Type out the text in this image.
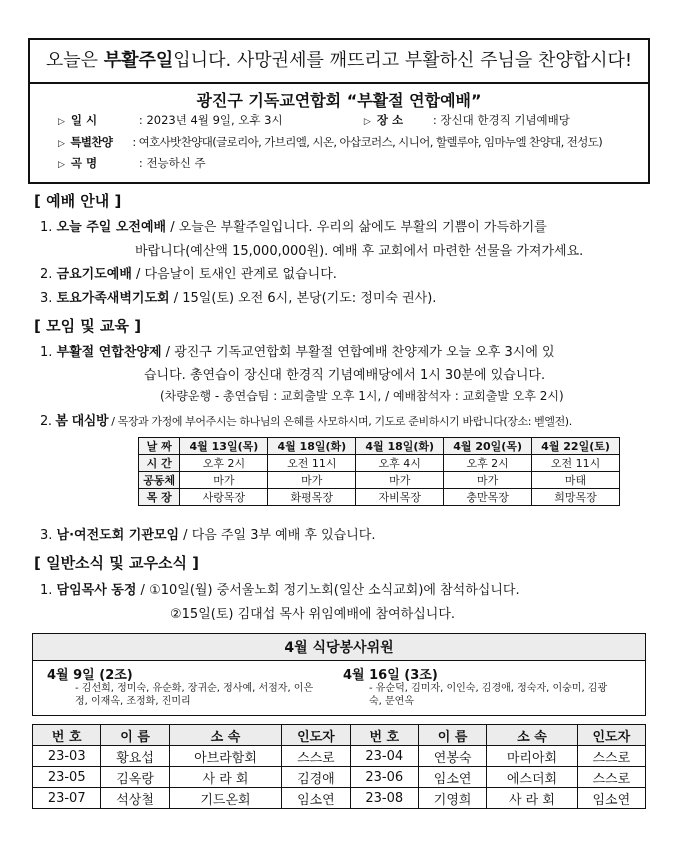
오늘은 부활주일입니다. 사망권세를 깨뜨리고 부활하신 주님을 찬양합시다!
광진구 기독교연합회 “부활절 연합예배”
▷ 일 시	: 2023년 4월 9일, 오후 3시	▷ 장 소	: 장신대 한경직 기념예배당
▷ 특별찬양 : 여호사밧찬양대(글로리아, 가브리엘, 시온, 아삽코러스, 시니어, 할렐루야, 임마누엘 찬양대, 전성도)
▷ 곡 명	: 전능하신 주
[ 예배 안내 ]
1. 오늘 주일 오전예배 / 오늘은 부활주일입니다. 우리의 삶에도 부활의 기쁨이 가득하기를
바랍니다(예산액 15,000,000원). 예배 후 교회에서 마련한 선물을 가져가세요.
2. 금요기도예배 / 다음날이 토새인 관계로 없습니다.
3. 토요가족새벽기도회 / 15일(토) 오전 6시, 본당(기도: 정미숙 권사).
[ 모임 및 교육 ]
1. 부활절 연합찬양제 / 광진구 기독교연합회 부활절 연합예배 찬양제가 오늘 오후 3시에 있
습니다. 총연습이 장신대 한경직 기념예배당에서 1시 30분에 있습니다.
(차량운행 - 총연습팀 : 교회출발 오후 1시, / 예배참석자 : 교회출발 오후 2시)
2. 봄 대심방 / 목장과 가정에 부어주시는 하나님의 은혜를 사모하시며, 기도로 준비하시기 바랍니다(장소: 벧엘전).
날 짜	4월 13일(목)	4월 18일(화)	4월 18일(화)	4월 20일(목)	4월 22일(토)
시 간	오후 2시	오전 11시	오후 4시	오후 2시	오전 11시
공동체	마가	마가	마가	마가	마태
목 장	사랑목장	화평목장	자비목장	충만목장	희망목장
3. 남·여전도회 기관모임 / 다음 주일 3부 예배 후 있습니다.
[ 일반소식 및 교우소식 ]
1. 담임목사 동정 / ①10일(월) 중서울노회 정기노회(일산 소식교회)에 참석하십니다.
②15일(토) 김대섭 목사 위임예배에 참여하십니다.
4월 식당봉사위원
4월 9일 (2조)
- 김선희, 정미숙, 유순화, 장귀순, 정사예, 서점자, 이은정, 이재옥, 조정화, 진미리
4월 16일 (3조)
- 유순덕, 김미자, 이인숙, 김경애, 정숙자, 이숭미, 김광숙, 문연옥
번 호	이 름	소 속	인도자	번 호	이 름	소 속	인도자
23-03	황요섭	아브라함회	스스로	23-04	연봉숙	마리아회	스스로
23-05	김옥랑	사 라 회	김경애	23-06	임소연	에스더회	스스로
23-07	석상철	기드온회	임소연	23-08	기영희	사 라 회	임소연
